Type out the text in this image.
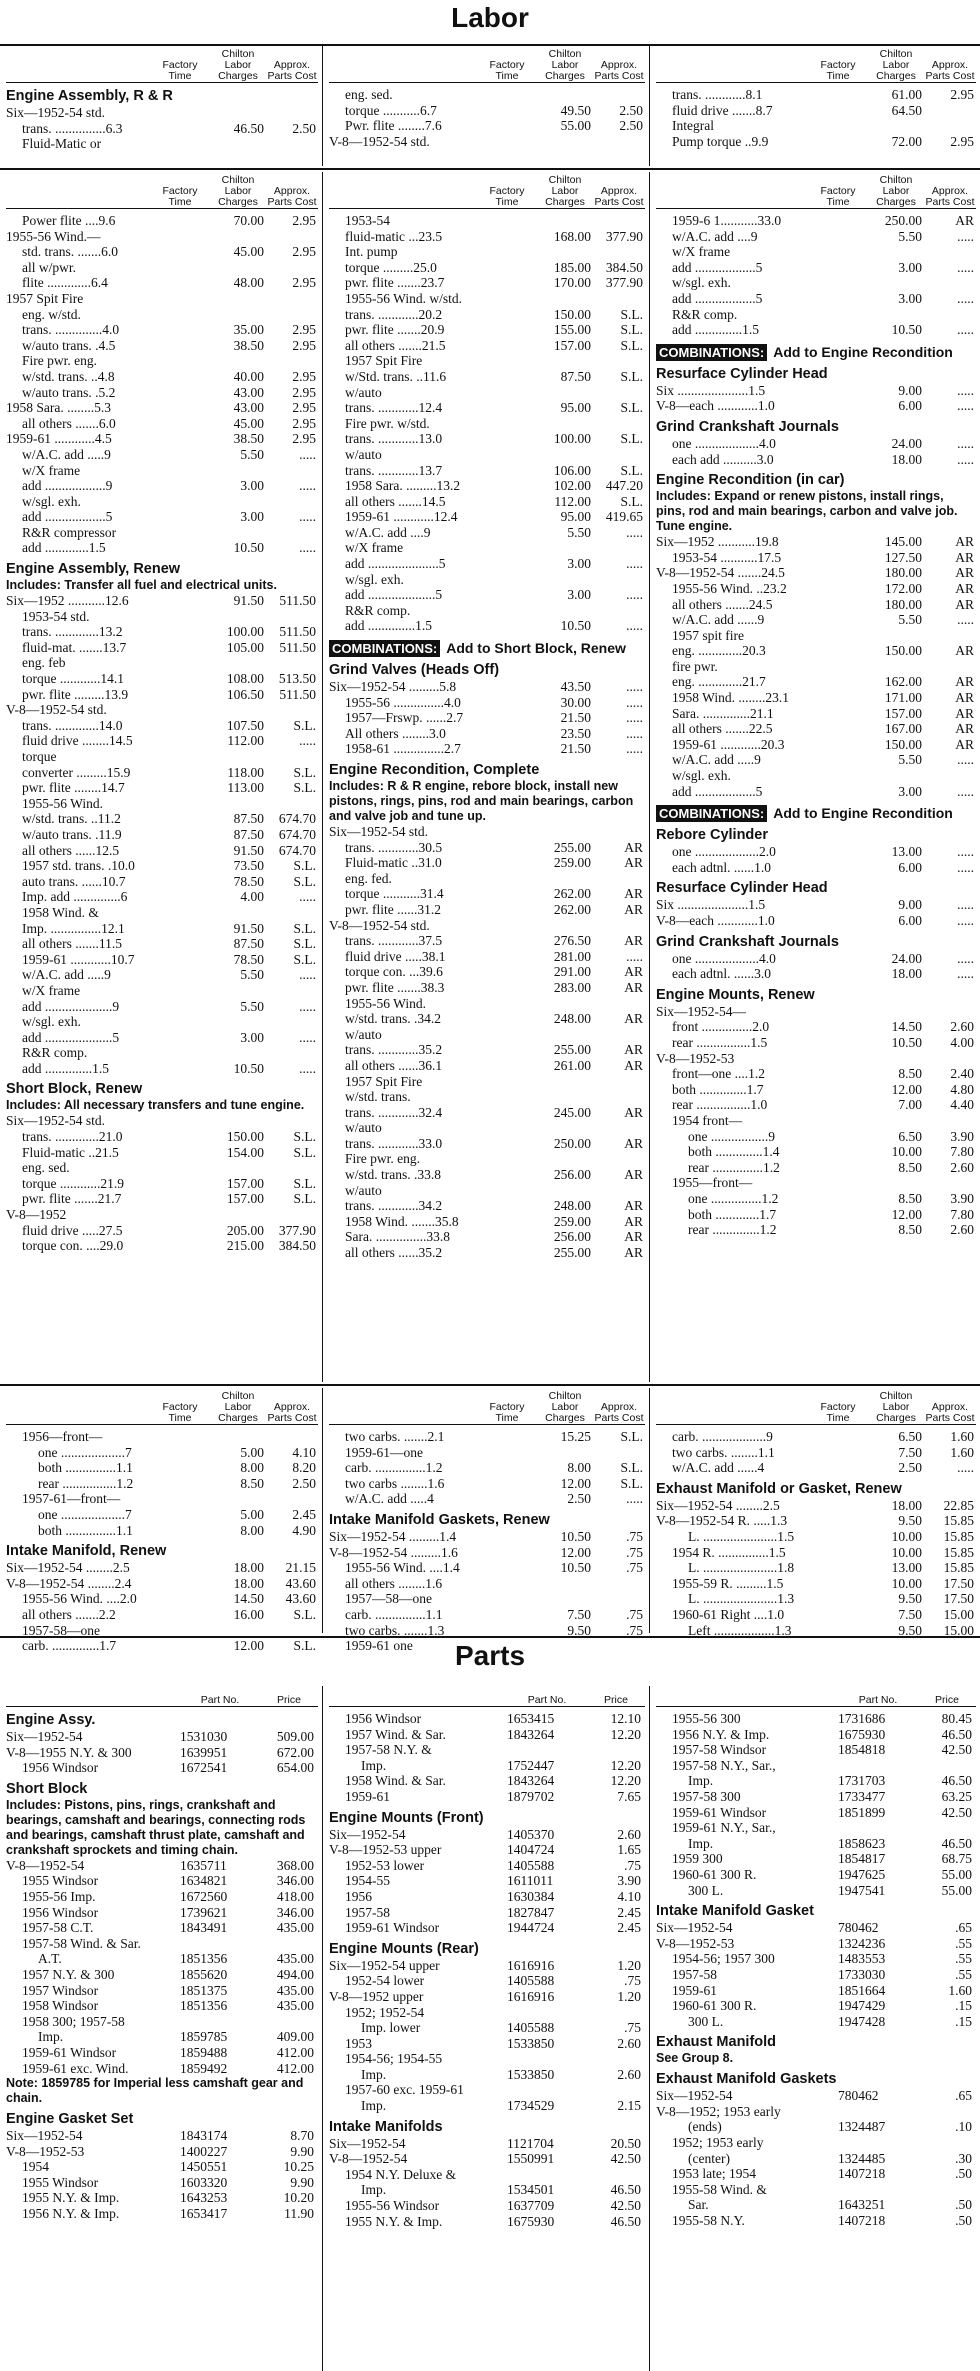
Labor
Factory Time
Chilton Labor Charges
Approx. Parts Cost
Engine Assembly, R & R
Six—1952-54 std.
trans. ...............6.3	46.50	2.50
Fluid-Matic or
Factory Time
Chilton Labor Charges
Approx. Parts Cost
eng. sed.
torque ...........6.7	49.50	2.50
Pwr. flite ........7.6	55.00	2.50
V-8—1952-54 std.
Factory Time
Chilton Labor Charges
Approx. Parts Cost
trans. ............8.1	61.00	2.95
fluid drive .......8.7	64.50
Integral
Pump torque ..9.9	72.00	2.95
Factory Time
Chilton Labor Charges
Approx. Parts Cost
Power flite ....9.6	70.00	2.95
1955-56 Wind.—
std. trans. .......6.0	45.00	2.95
all w/pwr.
flite .............6.4	48.00	2.95
1957 Spit Fire
eng. w/std.
trans. ..............4.0	35.00	2.95
w/auto trans. .4.5	38.50	2.95
Fire pwr. eng.
w/std. trans. ..4.8	40.00	2.95
w/auto trans. .5.2	43.00	2.95
1958 Sara. ........5.3	43.00	2.95
all others .......6.0	45.00	2.95
1959-61 ............4.5	38.50	2.95
w/A.C. add .....9	5.50	.....
w/X frame
add ..................9	3.00	.....
w/sgl. exh.
add ..................5	3.00	.....
R&R compressor
add .............1.5	10.50	.....
Engine Assembly, Renew
Includes: Transfer all fuel and electrical units.
Six—1952 ...........12.6	91.50	511.50
1953-54 std.
trans. .............13.2	100.00	511.50
fluid-mat. .......13.7	105.00	511.50
eng. feb
torque ............14.1	108.00	513.50
pwr. flite .........13.9	106.50	511.50
V-8—1952-54 std.
trans. .............14.0	107.50	S.L.
fluid drive ........14.5	112.00	.....
torque
converter .........15.9	118.00	S.L.
pwr. flite ........14.7	113.00	S.L.
1955-56 Wind.
w/std. trans. ..11.2	87.50	674.70
w/auto trans. .11.9	87.50	674.70
all others ......12.5	91.50	674.70
1957 std. trans. .10.0	73.50	S.L.
auto trans. ......10.7	78.50	S.L.
Imp. add ..............6	4.00	.....
1958 Wind. &
Imp. ...............12.1	91.50	S.L.
all others .......11.5	87.50	S.L.
1959-61 ............10.7	78.50	S.L.
w/A.C. add .....9	5.50	.....
w/X frame
add ....................9	5.50	.....
w/sgl. exh.
add ....................5	3.00	.....
R&R comp.
add ..............1.5	10.50	.....
Short Block, Renew
Includes: All necessary transfers and tune engine.
Six—1952-54 std.
trans. .............21.0	150.00	S.L.
Fluid-matic ..21.5	154.00	S.L.
eng. sed.
torque ............21.9	157.00	S.L.
pwr. flite .......21.7	157.00	S.L.
V-8—1952
fluid drive .....27.5	205.00	377.90
torque con. ....29.0	215.00	384.50
Factory Time
Chilton Labor Charges
Approx. Parts Cost
1953-54
fluid-matic ...23.5	168.00	377.90
Int. pump
torque .........25.0	185.00	384.50
pwr. flite .......23.7	170.00	377.90
1955-56 Wind. w/std.
trans. ............20.2	150.00	S.L.
pwr. flite .......20.9	155.00	S.L.
all others .......21.5	157.00	S.L.
1957 Spit Fire
w/Std. trans. ..11.6	87.50	S.L.
w/auto
trans. ............12.4	95.00	S.L.
Fire pwr. w/std.
trans. ............13.0	100.00	S.L.
w/auto
trans. ............13.7	106.00	S.L.
1958 Sara. .........13.2	102.00	447.20
all others .......14.5	112.00	S.L.
1959-61 ............12.4	95.00	419.65
w/A.C. add ....9	5.50	.....
w/X frame
add .....................5	3.00	.....
w/sgl. exh.
add ....................5	3.00	.....
R&R comp.
add ..............1.5	10.50	.....
COMBINATIONS: Add to Short Block, Renew
Grind Valves (Heads Off)
Six—1952-54 .........5.8	43.50	.....
1955-56 ...............4.0	30.00	.....
1957—Frswp. ......2.7	21.50	.....
All others ........3.0	23.50	.....
1958-61 ...............2.7	21.50	.....
Engine Recondition, Complete
Includes: R & R engine, rebore block, install new pistons, rings, pins, rod and main bearings, carbon and valve job and tune up.
Six—1952-54 std.
trans. ............30.5	255.00	AR
Fluid-matic ..31.0	259.00	AR
eng. fed.
torque ...........31.4	262.00	AR
pwr. flite ......31.2	262.00	AR
V-8—1952-54 std.
trans. ............37.5	276.50	AR
fluid drive .....38.1	281.00	.....
torque con. ...39.6	291.00	AR
pwr. flite .......38.3	283.00	AR
1955-56 Wind.
w/std. trans. .34.2	248.00	AR
w/auto
trans. ............35.2	255.00	AR
all others ......36.1	261.00	AR
1957 Spit Fire
w/std. trans.
trans. ............32.4	245.00	AR
w/auto
trans. ............33.0	250.00	AR
Fire pwr. eng.
w/std. trans. .33.8	256.00	AR
w/auto
trans. ............34.2	248.00	AR
1958 Wind. .......35.8	259.00	AR
Sara. ...............33.8	256.00	AR
all others ......35.2	255.00	AR
Factory Time
Chilton Labor Charges
Approx. Parts Cost
1959-6 1...........33.0	250.00	AR
w/A.C. add ....9	5.50	.....
w/X frame
add ..................5	3.00	.....
w/sgl. exh.
add ..................5	3.00	.....
R&R comp.
add ..............1.5	10.50	.....
COMBINATIONS: Add to Engine Recondition
Resurface Cylinder Head
Six .....................1.5	9.00	.....
V-8—each ............1.0	6.00	.....
Grind Crankshaft Journals
one ...................4.0	24.00	.....
each add ..........3.0	18.00	.....
Engine Recondition (in car)
Includes: Expand or renew pistons, install rings, pins, rod and main bearings, carbon and valve job. Tune engine.
Six—1952 ...........19.8	145.00	AR
1953-54 ...........17.5	127.50	AR
V-8—1952-54 .......24.5	180.00	AR
1955-56 Wind. ..23.2	172.00	AR
all others .......24.5	180.00	AR
w/A.C. add ......9	5.50	.....
1957 spit fire
eng. .............20.3	150.00	AR
fire pwr.
eng. .............21.7	162.00	AR
1958 Wind. ........23.1	171.00	AR
Sara. ..............21.1	157.00	AR
all others .......22.5	167.00	AR
1959-61 ............20.3	150.00	AR
w/A.C. add .....9	5.50	.....
w/sgl. exh.
add ..................5	3.00	.....
COMBINATIONS: Add to Engine Recondition
Rebore Cylinder
one ...................2.0	13.00	.....
each adtnl. ......1.0	6.00	.....
Resurface Cylinder Head
Six .....................1.5	9.00	.....
V-8—each ............1.0	6.00	.....
Grind Crankshaft Journals
one ...................4.0	24.00	.....
each adtnl. ......3.0	18.00	.....
Engine Mounts, Renew
Six—1952-54—
front ...............2.0	14.50	2.60
rear ................1.5	10.50	4.00
V-8—1952-53
front—one ....1.2	8.50	2.40
both ..............1.7	12.00	4.80
rear ................1.0	7.00	4.40
1954 front—
one .................9	6.50	3.90
both ..............1.4	10.00	7.80
rear ...............1.2	8.50	2.60
1955—front—
one ...............1.2	8.50	3.90
both .............1.7	12.00	7.80
rear ..............1.2	8.50	2.60
Factory Time
Chilton Labor Charges
Approx. Parts Cost
1956—front—
one ...................7	5.00	4.10
both ...............1.1	8.00	8.20
rear ................1.2	8.50	2.50
1957-61—front—
one ...................7	5.00	2.45
both ...............1.1	8.00	4.90
Intake Manifold, Renew
Six—1952-54 ........2.5	18.00	21.15
V-8—1952-54 ........2.4	18.00	43.60
1955-56 Wind. ....2.0	14.50	43.60
all others .......2.2	16.00	S.L.
1957-58—one
carb. ..............1.7	12.00	S.L.
Factory Time
Chilton Labor Charges
Approx. Parts Cost
two carbs. .......2.1	15.25	S.L.
1959-61—one
carb. ...............1.2	8.00	S.L.
two carbs ........1.6	12.00	S.L.
w/A.C. add .....4	2.50	.....
Intake Manifold Gaskets, Renew
Six—1952-54 .........1.4	10.50	.75
V-8—1952-54 .........1.6	12.00	.75
1955-56 Wind. ....1.4	10.50	.75
all others ........1.6
1957—58—one
carb. ...............1.1	7.50	.75
two carbs. .......1.3	9.50	.75
1959-61 one
Factory Time
Chilton Labor Charges
Approx. Parts Cost
carb. ...................9	6.50	1.60
two carbs. ........1.1	7.50	1.60
w/A.C. add ......4	2.50	.....
Exhaust Manifold or Gasket, Renew
Six—1952-54 ........2.5	18.00	22.85
V-8—1952-54 R. .....1.3	9.50	15.85
L. ......................1.5	10.00	15.85
1954 R. ...............1.5	10.00	15.85
L. ......................1.8	13.00	15.85
1955-59 R. .........1.5	10.00	17.50
L. ......................1.3	9.50	17.50
1960-61 Right ....1.0	7.50	15.00
Left ..................1.3	9.50	15.00
Parts
Part No.	Price
Engine Assy.
Six—1952-54	1531030	509.00
V-8—1955 N.Y. & 300	1639951	672.00
1956 Windsor	1672541	654.00
Short Block
Includes: Pistons, pins, rings, crankshaft and bearings, camshaft and bearings, connecting rods and bearings, camshaft thrust plate, camshaft and crankshaft sprockets and timing chain.
V-8—1952-54	1635711	368.00
1955 Windsor	1634821	346.00
1955-56 Imp.	1672560	418.00
1956 Windsor	1739621	346.00
1957-58 C.T.	1843491	435.00
1957-58 Wind. & Sar.
A.T.	1851356	435.00
1957 N.Y. & 300	1855620	494.00
1957 Windsor	1851375	435.00
1958 Windsor	1851356	435.00
1958 300; 1957-58
Imp.	1859785	409.00
1959-61 Windsor	1859488	412.00
1959-61 exc. Wind.	1859492	412.00
Note: 1859785 for Imperial less camshaft gear and chain.
Engine Gasket Set
Six—1952-54	1843174	8.70
V-8—1952-53	1400227	9.90
1954	1450551	10.25
1955 Windsor	1603320	9.90
1955 N.Y. & Imp.	1643253	10.20
1956 N.Y. & Imp.	1653417	11.90
Part No.	Price
1956 Windsor	1653415	12.10
1957 Wind. & Sar.	1843264	12.20
1957-58 N.Y. &
Imp.	1752447	12.20
1958 Wind. & Sar.	1843264	12.20
1959-61	1879702	7.65
Engine Mounts (Front)
Six—1952-54	1405370	2.60
V-8—1952-53 upper	1404724	1.65
1952-53 lower	1405588	.75
1954-55	1611011	3.90
1956	1630384	4.10
1957-58	1827847	2.45
1959-61 Windsor	1944724	2.45
Engine Mounts (Rear)
Six—1952-54 upper	1616916	1.20
1952-54 lower	1405588	.75
V-8—1952 upper	1616916	1.20
1952; 1952-54
Imp. lower	1405588	.75
1953	1533850	2.60
1954-56; 1954-55
Imp.	1533850	2.60
1957-60 exc. 1959-61
Imp.	1734529	2.15
Intake Manifolds
Six—1952-54	1121704	20.50
V-8—1952-54	1550991	42.50
1954 N.Y. Deluxe &
Imp.	1534501	46.50
1955-56 Windsor	1637709	42.50
1955 N.Y. & Imp.	1675930	46.50
Part No.	Price
1955-56 300	1731686	80.45
1956 N.Y. & Imp.	1675930	46.50
1957-58 Windsor	1854818	42.50
1957-58 N.Y., Sar.,
Imp.	1731703	46.50
1957-58 300	1733477	63.25
1959-61 Windsor	1851899	42.50
1959-61 N.Y., Sar.,
Imp.	1858623	46.50
1959 300	1854817	68.75
1960-61 300 R.	1947625	55.00
300 L.	1947541	55.00
Intake Manifold Gasket
Six—1952-54	780462	.65
V-8—1952-53	1324236	.55
1954-56; 1957 300	1483553	.55
1957-58	1733030	.55
1959-61	1851664	1.60
1960-61 300 R.	1947429	.15
300 L.	1947428	.15
Exhaust Manifold
See Group 8.
Exhaust Manifold Gaskets
Six—1952-54	780462	.65
V-8—1952; 1953 early
(ends)	1324487	.10
1952; 1953 early
(center)	1324485	.30
1953 late; 1954	1407218	.50
1955-58 Wind. &
Sar.	1643251	.50
1955-58 N.Y.	1407218	.50
